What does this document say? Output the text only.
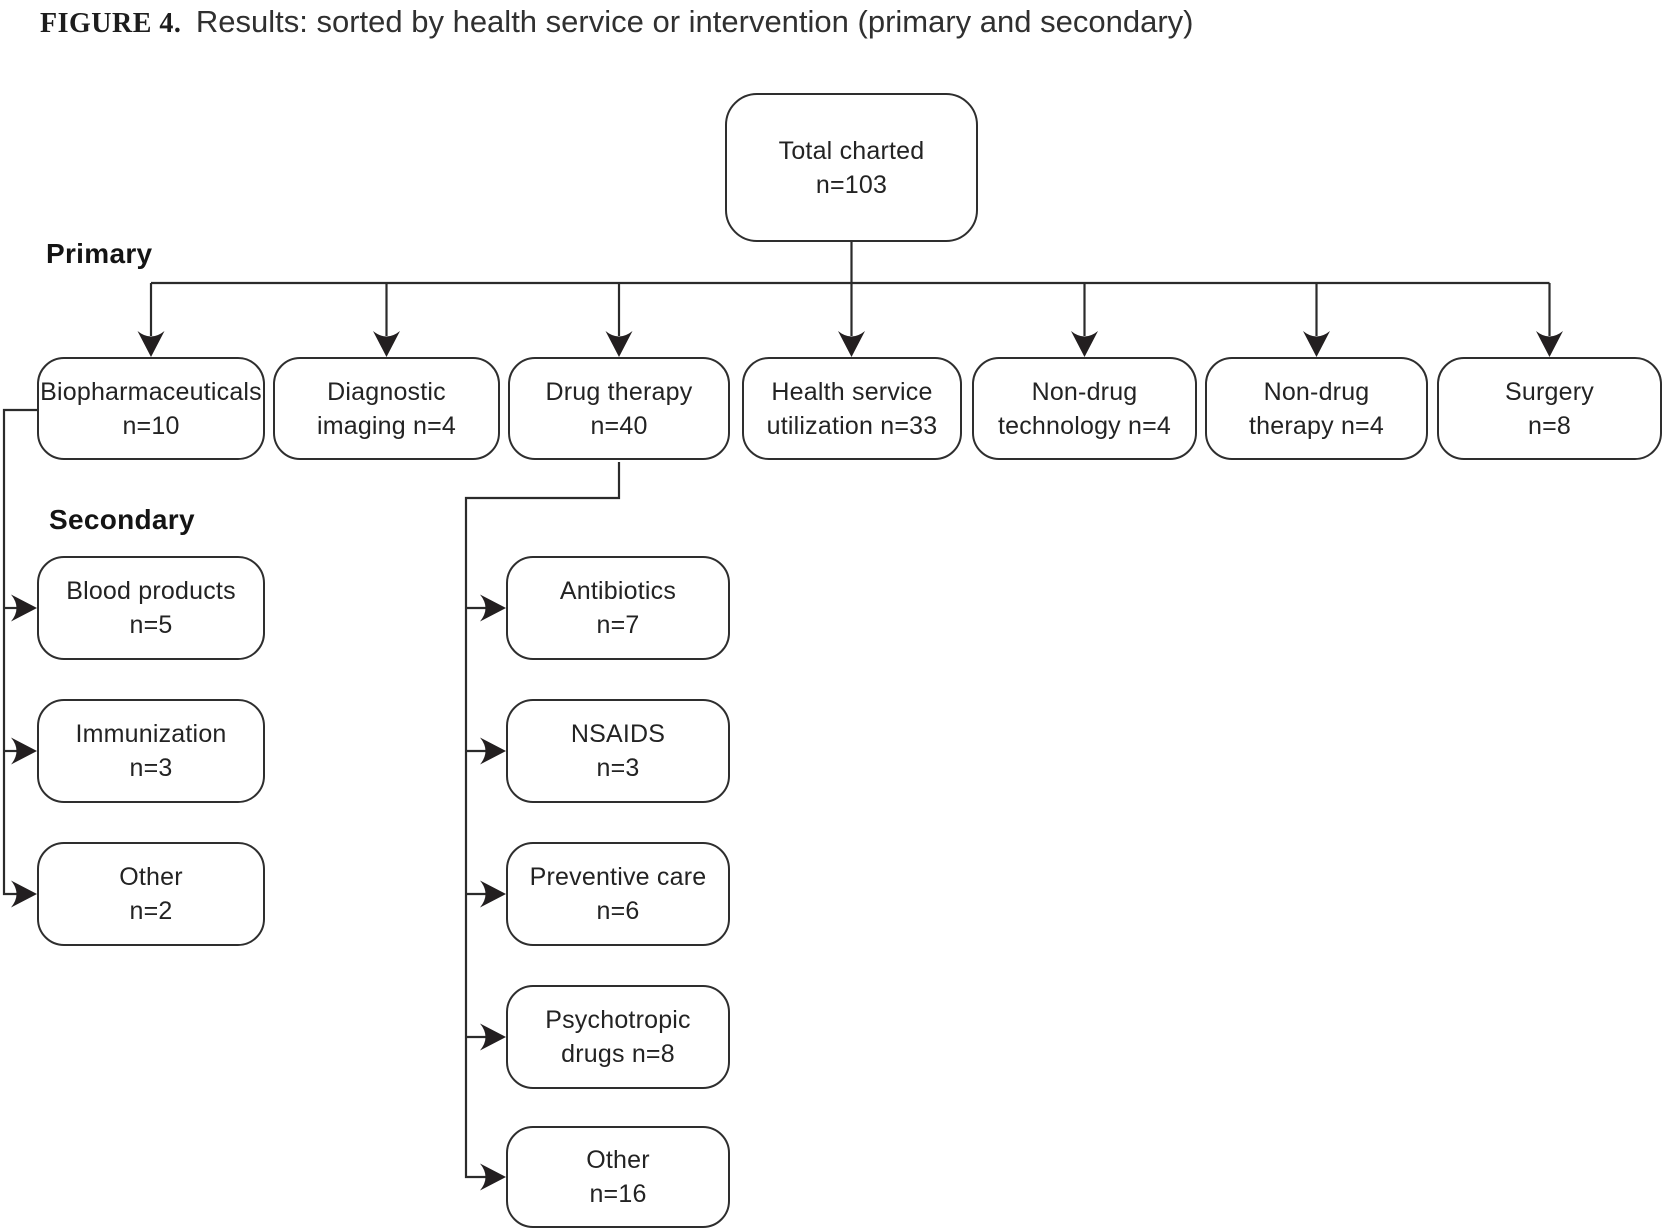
FIGURE 4. Results: sorted by health service or intervention (primary and secondary)
Primary
Secondary
Total charted
n=103
Biopharmaceuticals
n=10
Diagnostic
imaging n=4
Drug therapy
n=40
Health service
utilization n=33
Non-drug
technology n=4
Non-drug
therapy n=4
Surgery
n=8
Blood products
n=5
Immunization
n=3
Other
n=2
Antibiotics
n=7
NSAIDS
n=3
Preventive care
n=6
Psychotropic
drugs n=8
Other
n=16
